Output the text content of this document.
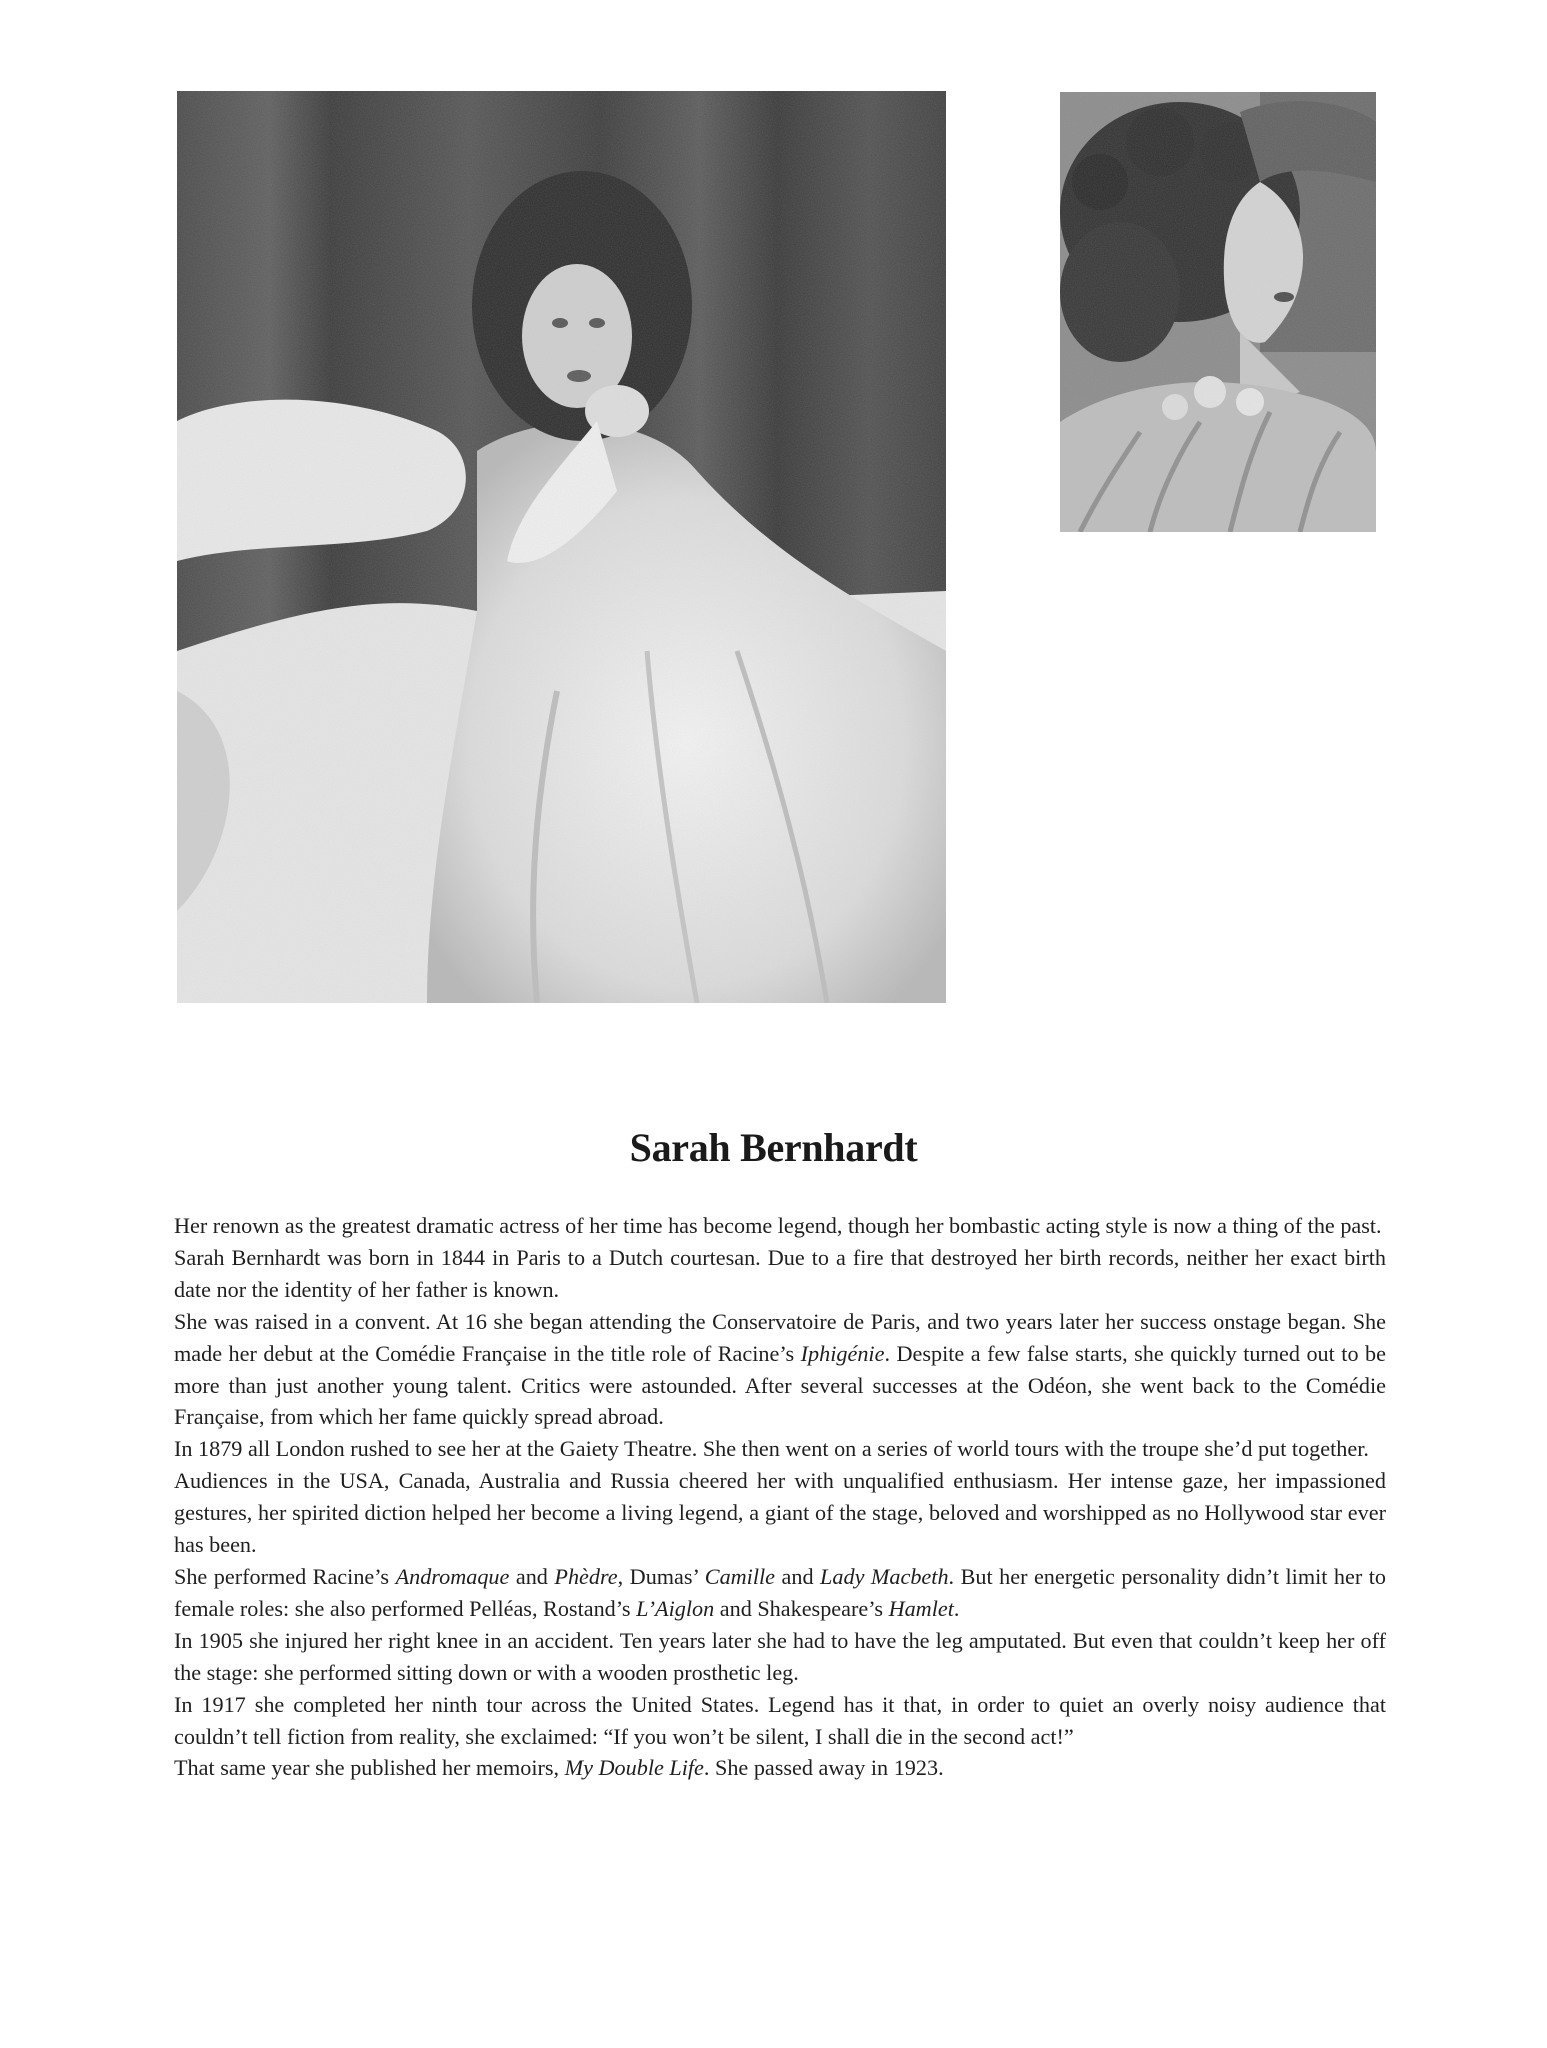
Sarah Bernhardt

Her renown as the greatest dramatic actress of her time has become legend, though her bombastic acting style is now a thing of the past.

Sarah Bernhardt was born in 1844 in Paris to a Dutch courtesan. Due to a fire that destroyed her birth records, neither her exact birth date nor the identity of her father is known.

She was raised in a convent. At 16 she began attending the Conservatoire de Paris, and two years later her success onstage began. She made her debut at the Comédie Française in the title role of Racine’s Iphigénie. Despite a few false starts, she quickly turned out to be more than just another young talent. Critics were astounded. After several successes at the Odéon, she went back to the Comédie Française, from which her fame quickly spread abroad.

In 1879 all London rushed to see her at the Gaiety Theatre. She then went on a series of world tours with the troupe she’d put together.

Audiences in the USA, Canada, Australia and Russia cheered her with unqualified enthusiasm. Her intense gaze, her impassioned gestures, her spirited diction helped her become a living legend, a giant of the stage, beloved and worshipped as no Hollywood star ever has been.

She performed Racine’s Andromaque and Phèdre, Dumas’ Camille and Lady Macbeth. But her energetic personality didn’t limit her to female roles: she also performed Pelléas, Rostand’s L’Aiglon and Shakespeare’s Hamlet.

In 1905 she injured her right knee in an accident. Ten years later she had to have the leg amputated. But even that couldn’t keep her off the stage: she performed sitting down or with a wooden prosthetic leg.

In 1917 she completed her ninth tour across the United States. Legend has it that, in order to quiet an overly noisy audience that couldn’t tell fiction from reality, she exclaimed: “If you won’t be silent, I shall die in the second act!”

That same year she published her memoirs, My Double Life. She passed away in 1923.
